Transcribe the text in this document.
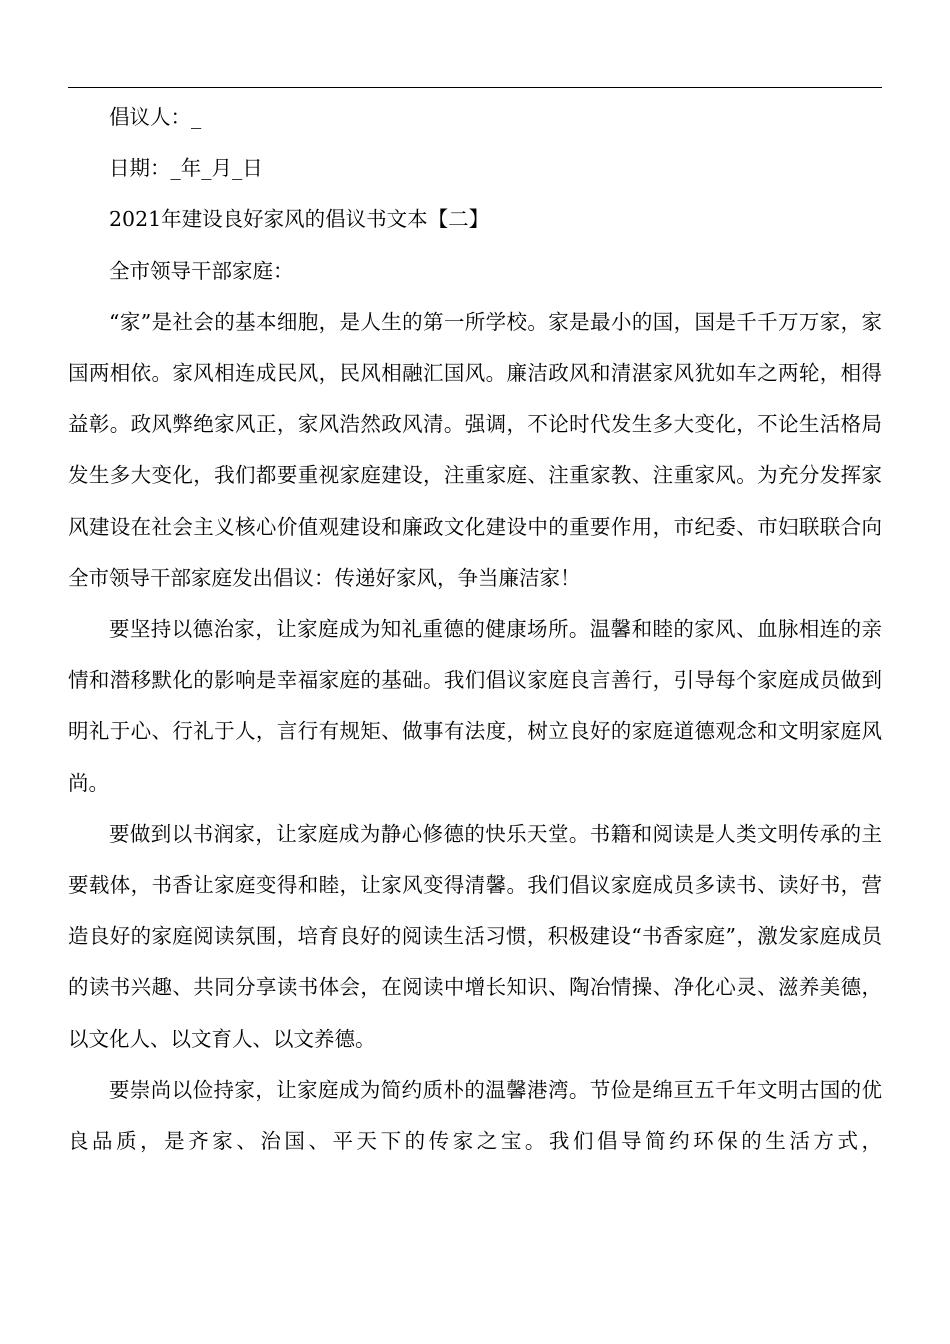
倡议人：_

日期：_年_月_日

2021年建设良好家风的倡议书文本【二】

全市领导干部家庭：

“家”是社会的基本细胞，是人生的第一所学校。家是最小的国，国是千千万万家，家国两相依。家风相连成民风，民风相融汇国风。廉洁政风和清湛家风犹如车之两轮，相得益彰。政风弊绝家风正，家风浩然政风清。强调，不论时代发生多大变化，不论生活格局发生多大变化，我们都要重视家庭建设，注重家庭、注重家教、注重家风。为充分发挥家风建设在社会主义核心价值观建设和廉政文化建设中的重要作用，市纪委、市妇联联合向全市领导干部家庭发出倡议：传递好家风，争当廉洁家！

要坚持以德治家，让家庭成为知礼重德的健康场所。温馨和睦的家风、血脉相连的亲情和潜移默化的影响是幸福家庭的基础。我们倡议家庭良言善行，引导每个家庭成员做到明礼于心、行礼于人，言行有规矩、做事有法度，树立良好的家庭道德观念和文明家庭风尚。

要做到以书润家，让家庭成为静心修德的快乐天堂。书籍和阅读是人类文明传承的主要载体，书香让家庭变得和睦，让家风变得清馨。我们倡议家庭成员多读书、读好书，营造良好的家庭阅读氛围，培育良好的阅读生活习惯，积极建设“书香家庭”，激发家庭成员的读书兴趣、共同分享读书体会，在阅读中增长知识、陶冶情操、净化心灵、滋养美德，以文化人、以文育人、以文养德。

要崇尚以俭持家，让家庭成为简约质朴的温馨港湾。节俭是绵亘五千年文明古国的优良品质，是齐家、治国、平天下的传家之宝。我们倡导简约环保的生活方式，
